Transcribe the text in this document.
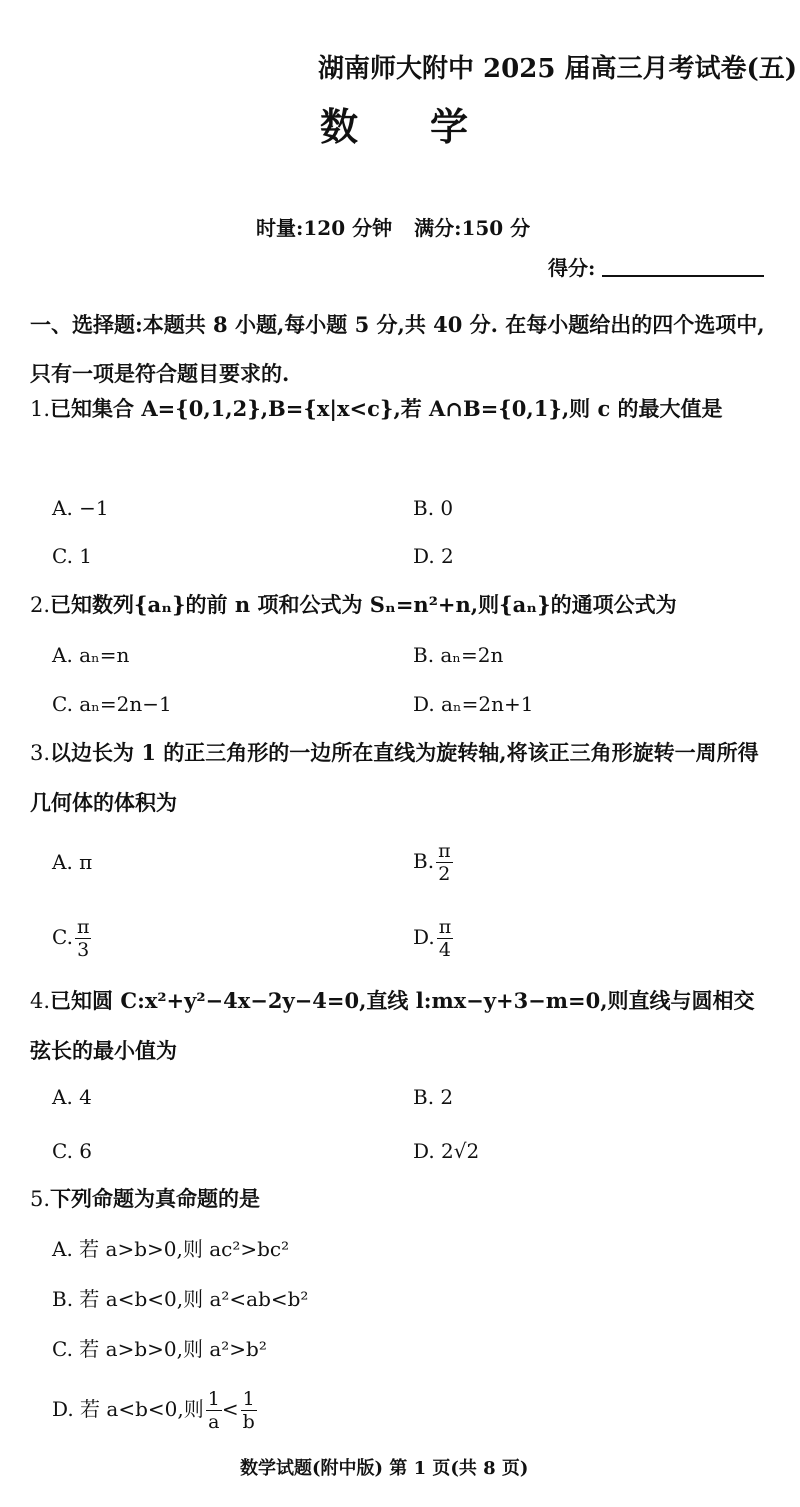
湖南师大附中 2025 届高三月考试卷(五)
数 学
时量:120 分钟 满分:150 分
得分:
一、选择题:本题共 8 小题,每小题 5 分,共 40 分. 在每小题给出的四个选项中,只有一项是符合题目要求的.
1.已知集合 A={0,1,2},B={x|x<c},若 A∩B={0,1},则 c 的最大值是
A. −1	B. 0
C. 1	D. 2
2.已知数列{aₙ}的前 n 项和公式为 Sₙ=n²+n,则{aₙ}的通项公式为
A. aₙ=n	B. aₙ=2n
C. aₙ=2n−1	D. aₙ=2n+1
3.以边长为 1 的正三角形的一边所在直线为旋转轴,将该正三角形旋转一周所得几何体的体积为
A. π	B. $\frac{\pi}{2}$
C. $\frac{\pi}{3}$	D. $\frac{\pi}{4}$
4.已知圆 C:x²+y²−4x−2y−4=0,直线 l:mx−y+3−m=0,则直线与圆相交弦长的最小值为
A. 4	B. 2
C. 6	D. 2√2
5.下列命题为真命题的是
A. 若 a>b>0,则 ac²>bc²
B. 若 a<b<0,则 a²<ab<b²
C. 若 a>b>0,则 a²>b²
D. 若 a<b<0,则 $\frac{1}{a} < \frac{1}{b}$
数学试题(附中版) 第 1 页(共 8 页)
